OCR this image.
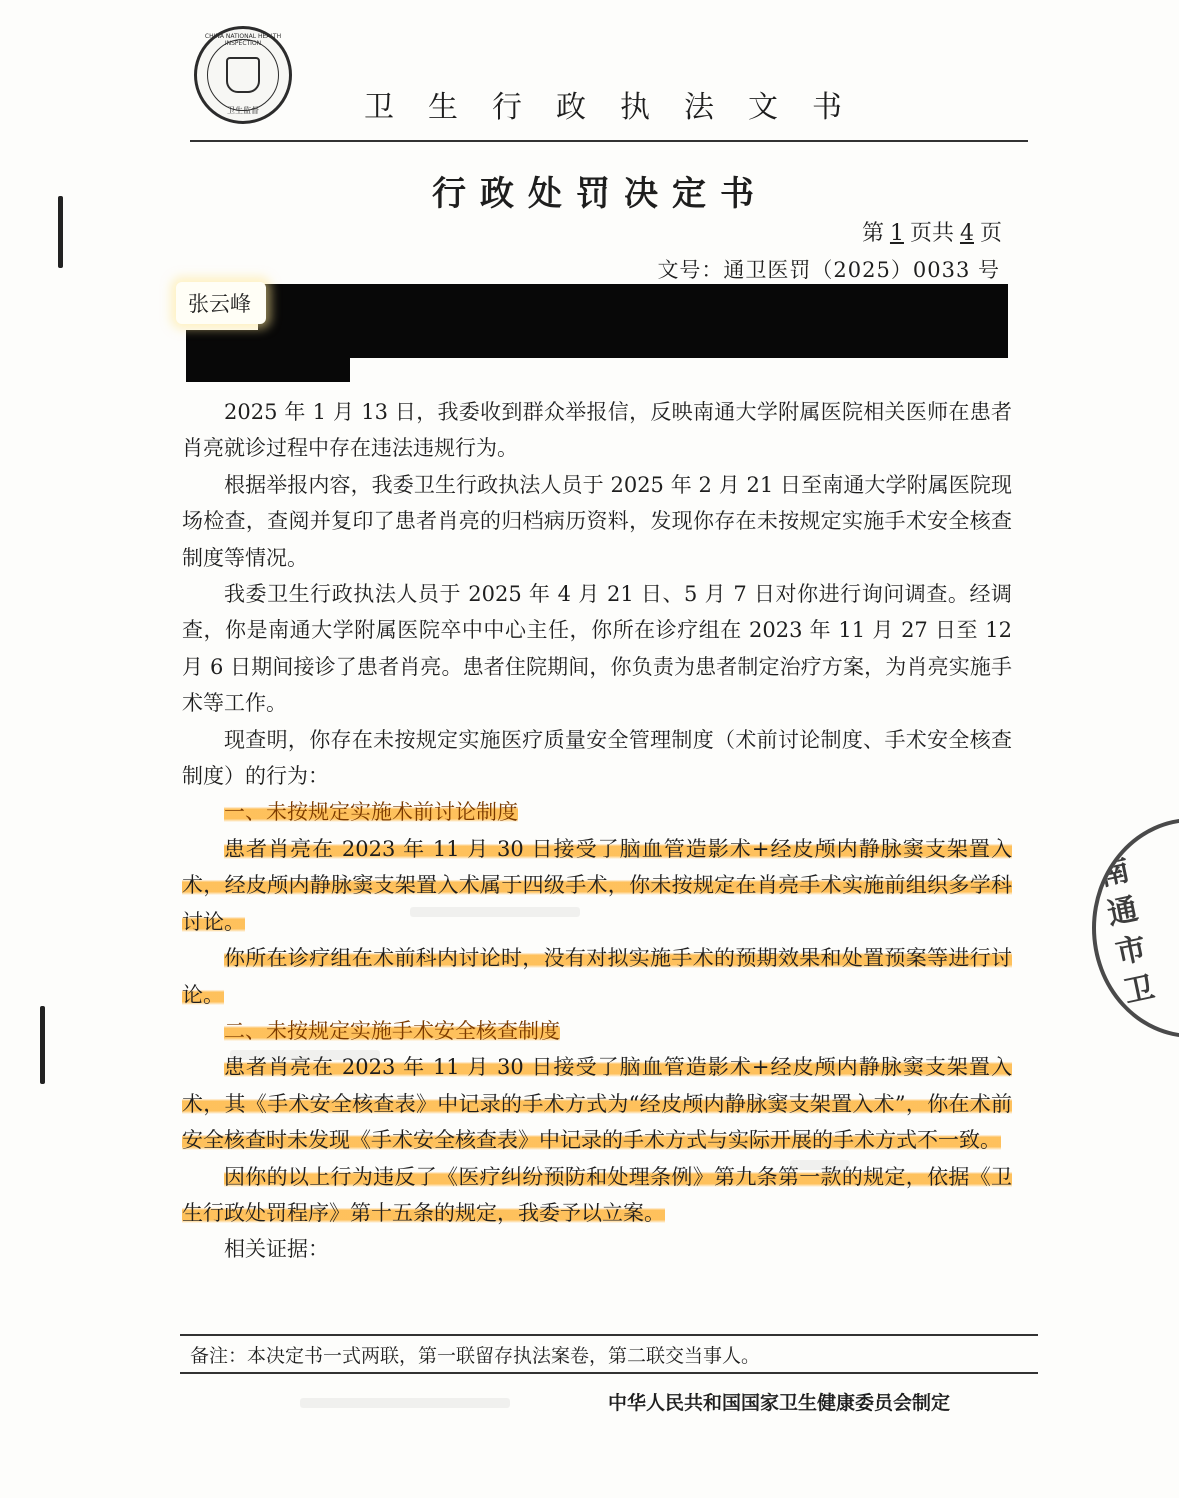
CHINA NATIONAL HEALTH INSPECTION
卫生监督	卫生行政执法文书
行政处罚决定书
第 1 页共 4 页
文号：通卫医罚（2025）0033 号
张云峰

2025 年 1 月 13 日，我委收到群众举报信，反映南通大学附属医院相关医师在患者肖亮就诊过程中存在违法违规行为。

根据举报内容，我委卫生行政执法人员于 2025 年 2 月 21 日至南通大学附属医院现场检查，查阅并复印了患者肖亮的归档病历资料，发现你存在未按规定实施手术安全核查制度等情况。

我委卫生行政执法人员于 2025 年 4 月 21 日、5 月 7 日对你进行询问调查。经调查，你是南通大学附属医院卒中中心主任，你所在诊疗组在 2023 年 11 月 27 日至 12 月 6 日期间接诊了患者肖亮。患者住院期间，你负责为患者制定治疗方案，为肖亮实施手术等工作。

现查明，你存在未按规定实施医疗质量安全管理制度（术前讨论制度、手术安全核查制度）的行为：

一、未按规定实施术前讨论制度

患者肖亮在 2023 年 11 月 30 日接受了脑血管造影术+经皮颅内静脉窦支架置入术，经皮颅内静脉窦支架置入术属于四级手术，你未按规定在肖亮手术实施前组织多学科讨论。

你所在诊疗组在术前科内讨论时，没有对拟实施手术的预期效果和处置预案等进行讨论。

二、未按规定实施手术安全核查制度

患者肖亮在 2023 年 11 月 30 日接受了脑血管造影术+经皮颅内静脉窦支架置入术，其《手术安全核查表》中记录的手术方式为“经皮颅内静脉窦支架置入术”，你在术前安全核查时未发现《手术安全核查表》中记录的手术方式与实际开展的手术方式不一致。

因你的以上行为违反了《医疗纠纷预防和处理条例》第九条第一款的规定，依据《卫生行政处罚程序》第十五条的规定，我委予以立案。

相关证据：

南通市卫
备注：本决定书一式两联，第一联留存执法案卷，第二联交当事人。
中华人民共和国国家卫生健康委员会制定
